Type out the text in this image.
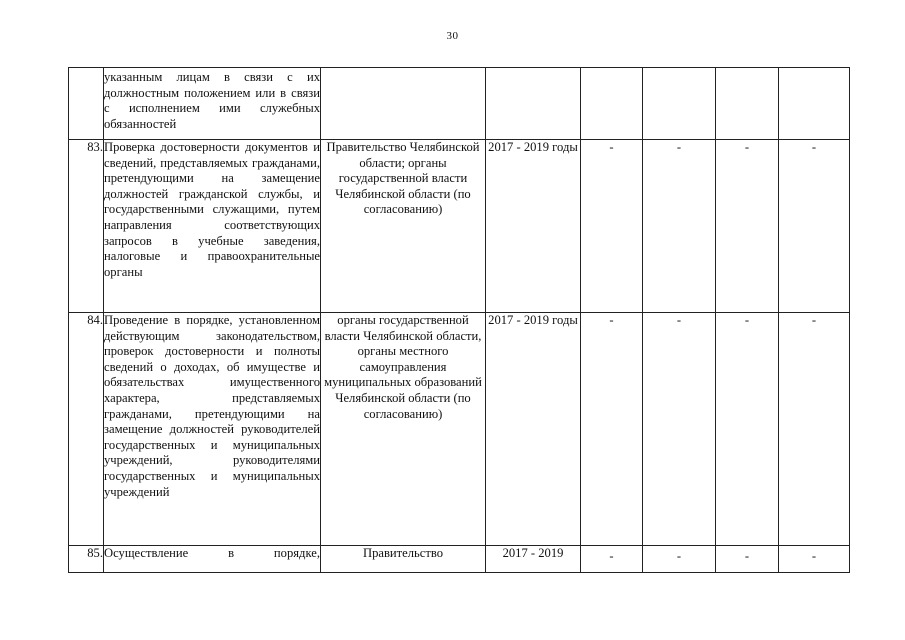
30
	указанным лицам в связи с их должностным положением или в связи с исполнением ими служебных обязанностей						
83.	Проверка достоверности документов и сведений, представляемых гражданами, претендующими на замещение должностей гражданской службы, и государственными служащими, путем направления соответствующих запросов в учебные заведения, налоговые и правоохранительные органы	Правительство Челябинской области; органы государственной власти Челябинской области (по согласованию)	2017 - 2019 годы	-	-	-	-
84.	Проведение в порядке, установленном действующим законодательством, проверок достоверности и полноты сведений о доходах, об имуществе и обязательствах имущественного характера, представляемых гражданами, претендующими на замещение должностей руководителей государственных и муниципальных учреждений, руководителями государственных и муниципальных учреждений	органы государственной власти Челябинской области, органы местного самоуправления муниципальных образований Челябинской области (по согласованию)	2017 - 2019 годы	-	-	-	-
85.	Осуществление в порядке,	Правительство	2017 - 2019	-	-	-	-
